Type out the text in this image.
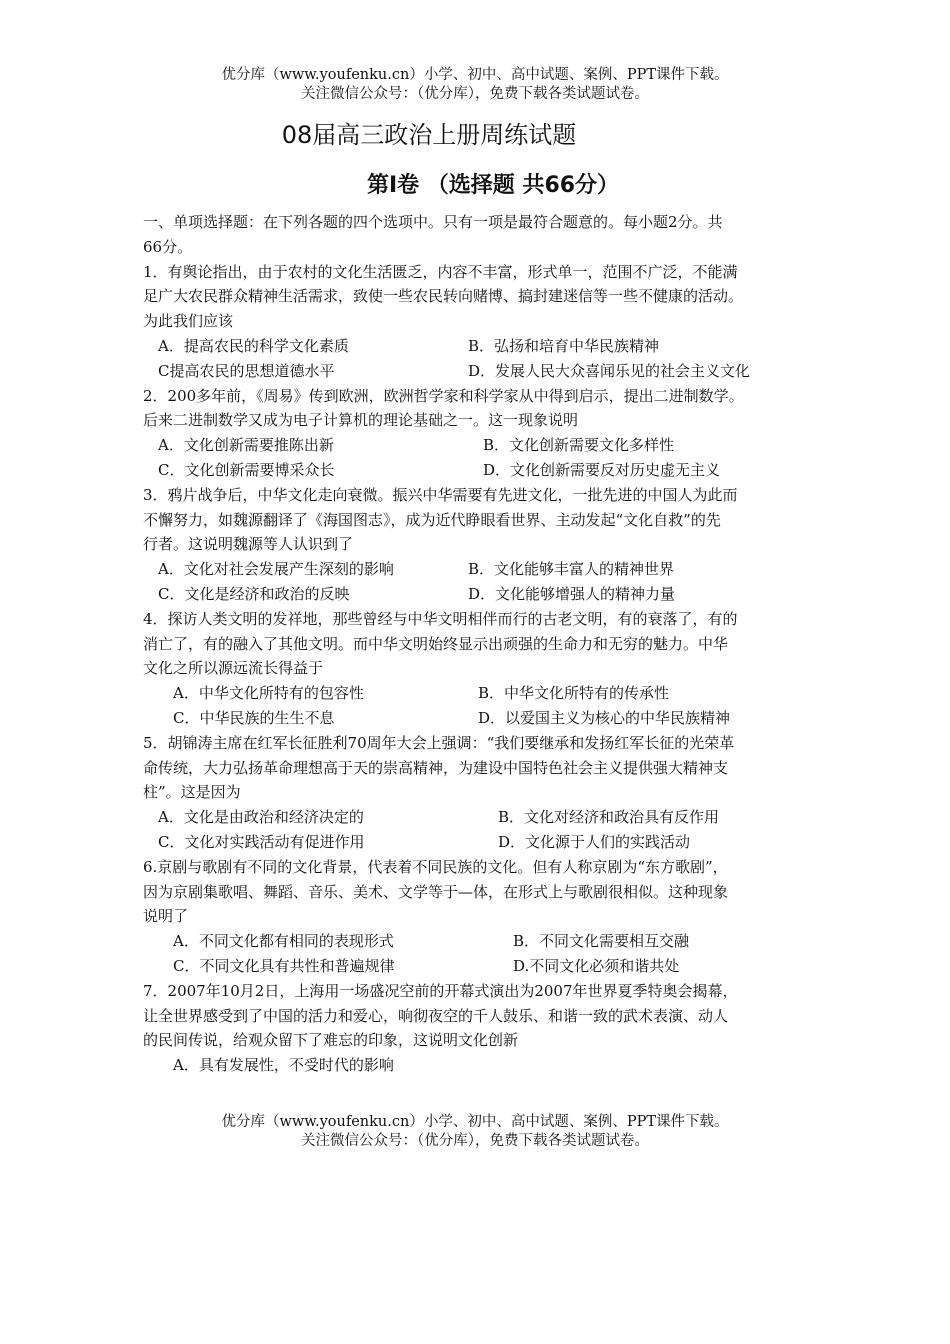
优分库（www.youfenku.cn）小学、初中、高中试题、案例、PPT课件下载。
关注微信公众号：（优分库），免费下载各类试题试卷。
08届高三政治上册周练试题
第Ⅰ卷 （选择题 共66分）
一、单项选择题：在下列各题的四个选项中。只有一项是最符合题意的。每小题2分。共
66分。
1．有舆论指出，由于农村的文化生活匮乏，内容不丰富，形式单一，范围不广泛，不能满
足广大农民群众精神生活需求，致使一些农民转向赌博、搞封建迷信等一些不健康的活动。
为此我们应该
A．提高农民的科学文化素质	B．弘扬和培育中华民族精神
C提高农民的思想道德水平	D．发展人民大众喜闻乐见的社会主义文化
2．200多年前，《周易》传到欧洲，欧洲哲学家和科学家从中得到启示，提出二进制数学。
后来二进制数学又成为电子计算机的理论基础之一。这一现象说明
A．文化创新需要推陈出新	B．文化创新需要文化多样性
C．文化创新需要博采众长	D．文化创新需要反对历史虚无主义
3．鸦片战争后，中华文化走向衰微。振兴中华需要有先进文化，一批先进的中国人为此而
不懈努力，如魏源翻译了《海国图志》，成为近代睁眼看世界、主动发起“文化自救”的先
行者。这说明魏源等人认识到了
A．文化对社会发展产生深刻的影响	B．文化能够丰富人的精神世界
C．文化是经济和政治的反映	D．文化能够增强人的精神力量
4．探访人类文明的发祥地，那些曾经与中华文明相伴而行的古老文明，有的衰落了，有的
消亡了，有的融入了其他文明。而中华文明始终显示出顽强的生命力和无穷的魅力。中华
文化之所以源远流长得益于
A．中华文化所特有的包容性	B．中华文化所特有的传承性
C．中华民族的生生不息	D．以爱国主义为核心的中华民族精神
5．胡锦涛主席在红军长征胜利70周年大会上强调：“我们要继承和发扬红军长征的光荣革
命传统，大力弘扬革命理想高于天的崇高精神，为建设中国特色社会主义提供强大精神支
柱”。这是因为
A．文化是由政治和经济决定的	B．文化对经济和政治具有反作用
C．文化对实践活动有促进作用	D．文化源于人们的实践活动
6.京剧与歌剧有不同的文化背景，代表着不同民族的文化。但有人称京剧为“东方歌剧”，
因为京剧集歌唱、舞蹈、音乐、美术、文学等于—体，在形式上与歌剧很相似。这种现象
说明了
A．不同文化都有相同的表现形式	B．不同文化需要相互交融
C．不同文化具有共性和普遍规律	D.不同文化必须和谐共处
7．2007年10月2日，上海用一场盛况空前的开幕式演出为2007年世界夏季特奥会揭幕，
让全世界感受到了中国的活力和爱心，响彻夜空的千人鼓乐、和谐一致的武术表演、动人
的民间传说，给观众留下了难忘的印象，这说明文化创新
A．具有发展性，不受时代的影响
优分库（www.youfenku.cn）小学、初中、高中试题、案例、PPT课件下载。
关注微信公众号：（优分库），免费下载各类试题试卷。
